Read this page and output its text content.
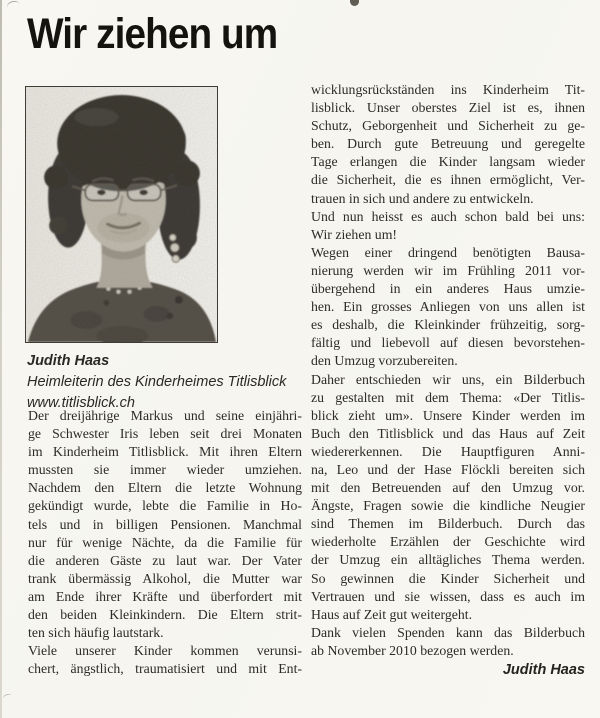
Wir ziehen um
Judith Haas
Heimleiterin des Kinderheimes Titlisblick
www.titlisblick.ch
Der dreijährige Markus und seine einjähri-
ge Schwester Iris leben seit drei Monaten
im Kinderheim Titlisblick. Mit ihren Eltern
mussten sie immer wieder umziehen.
Nachdem den Eltern die letzte Wohnung
gekündigt wurde, lebte die Familie in Ho-
tels und in billigen Pensionen. Manchmal
nur für wenige Nächte, da die Familie für
die anderen Gäste zu laut war. Der Vater
trank übermässig Alkohol, die Mutter war
am Ende ihrer Kräfte und überfordert mit
den beiden Kleinkindern. Die Eltern strit-
ten sich häufig lautstark.
Viele unserer Kinder kommen verunsi-
chert, ängstlich, traumatisiert und mit Ent-
wicklungsrückständen ins Kinderheim Tit-
lisblick. Unser oberstes Ziel ist es, ihnen
Schutz, Geborgenheit und Sicherheit zu ge-
ben. Durch gute Betreuung und geregelte
Tage erlangen die Kinder langsam wieder
die Sicherheit, die es ihnen ermöglicht, Ver-
trauen in sich und andere zu entwickeln.
Und nun heisst es auch schon bald bei uns:
Wir ziehen um!
Wegen einer dringend benötigten Bausa-
nierung werden wir im Frühling 2011 vor-
übergehend in ein anderes Haus umzie-
hen. Ein grosses Anliegen von uns allen ist
es deshalb, die Kleinkinder frühzeitig, sorg-
fältig und liebevoll auf diesen bevorstehen-
den Umzug vorzubereiten.
Daher entschieden wir uns, ein Bilderbuch
zu gestalten mit dem Thema: «Der Titlis-
blick zieht um». Unsere Kinder werden im
Buch den Titlisblick und das Haus auf Zeit
wiedererkennen. Die Hauptfiguren Anni-
na, Leo und der Hase Flöckli bereiten sich
mit den Betreuenden auf den Umzug vor.
Ängste, Fragen sowie die kindliche Neugier
sind Themen im Bilderbuch. Durch das
wiederholte Erzählen der Geschichte wird
der Umzug ein alltägliches Thema werden.
So gewinnen die Kinder Sicherheit und
Vertrauen und sie wissen, dass es auch im
Haus auf Zeit gut weitergeht.
Dank vielen Spenden kann das Bilderbuch
ab November 2010 bezogen werden.
Judith Haas
